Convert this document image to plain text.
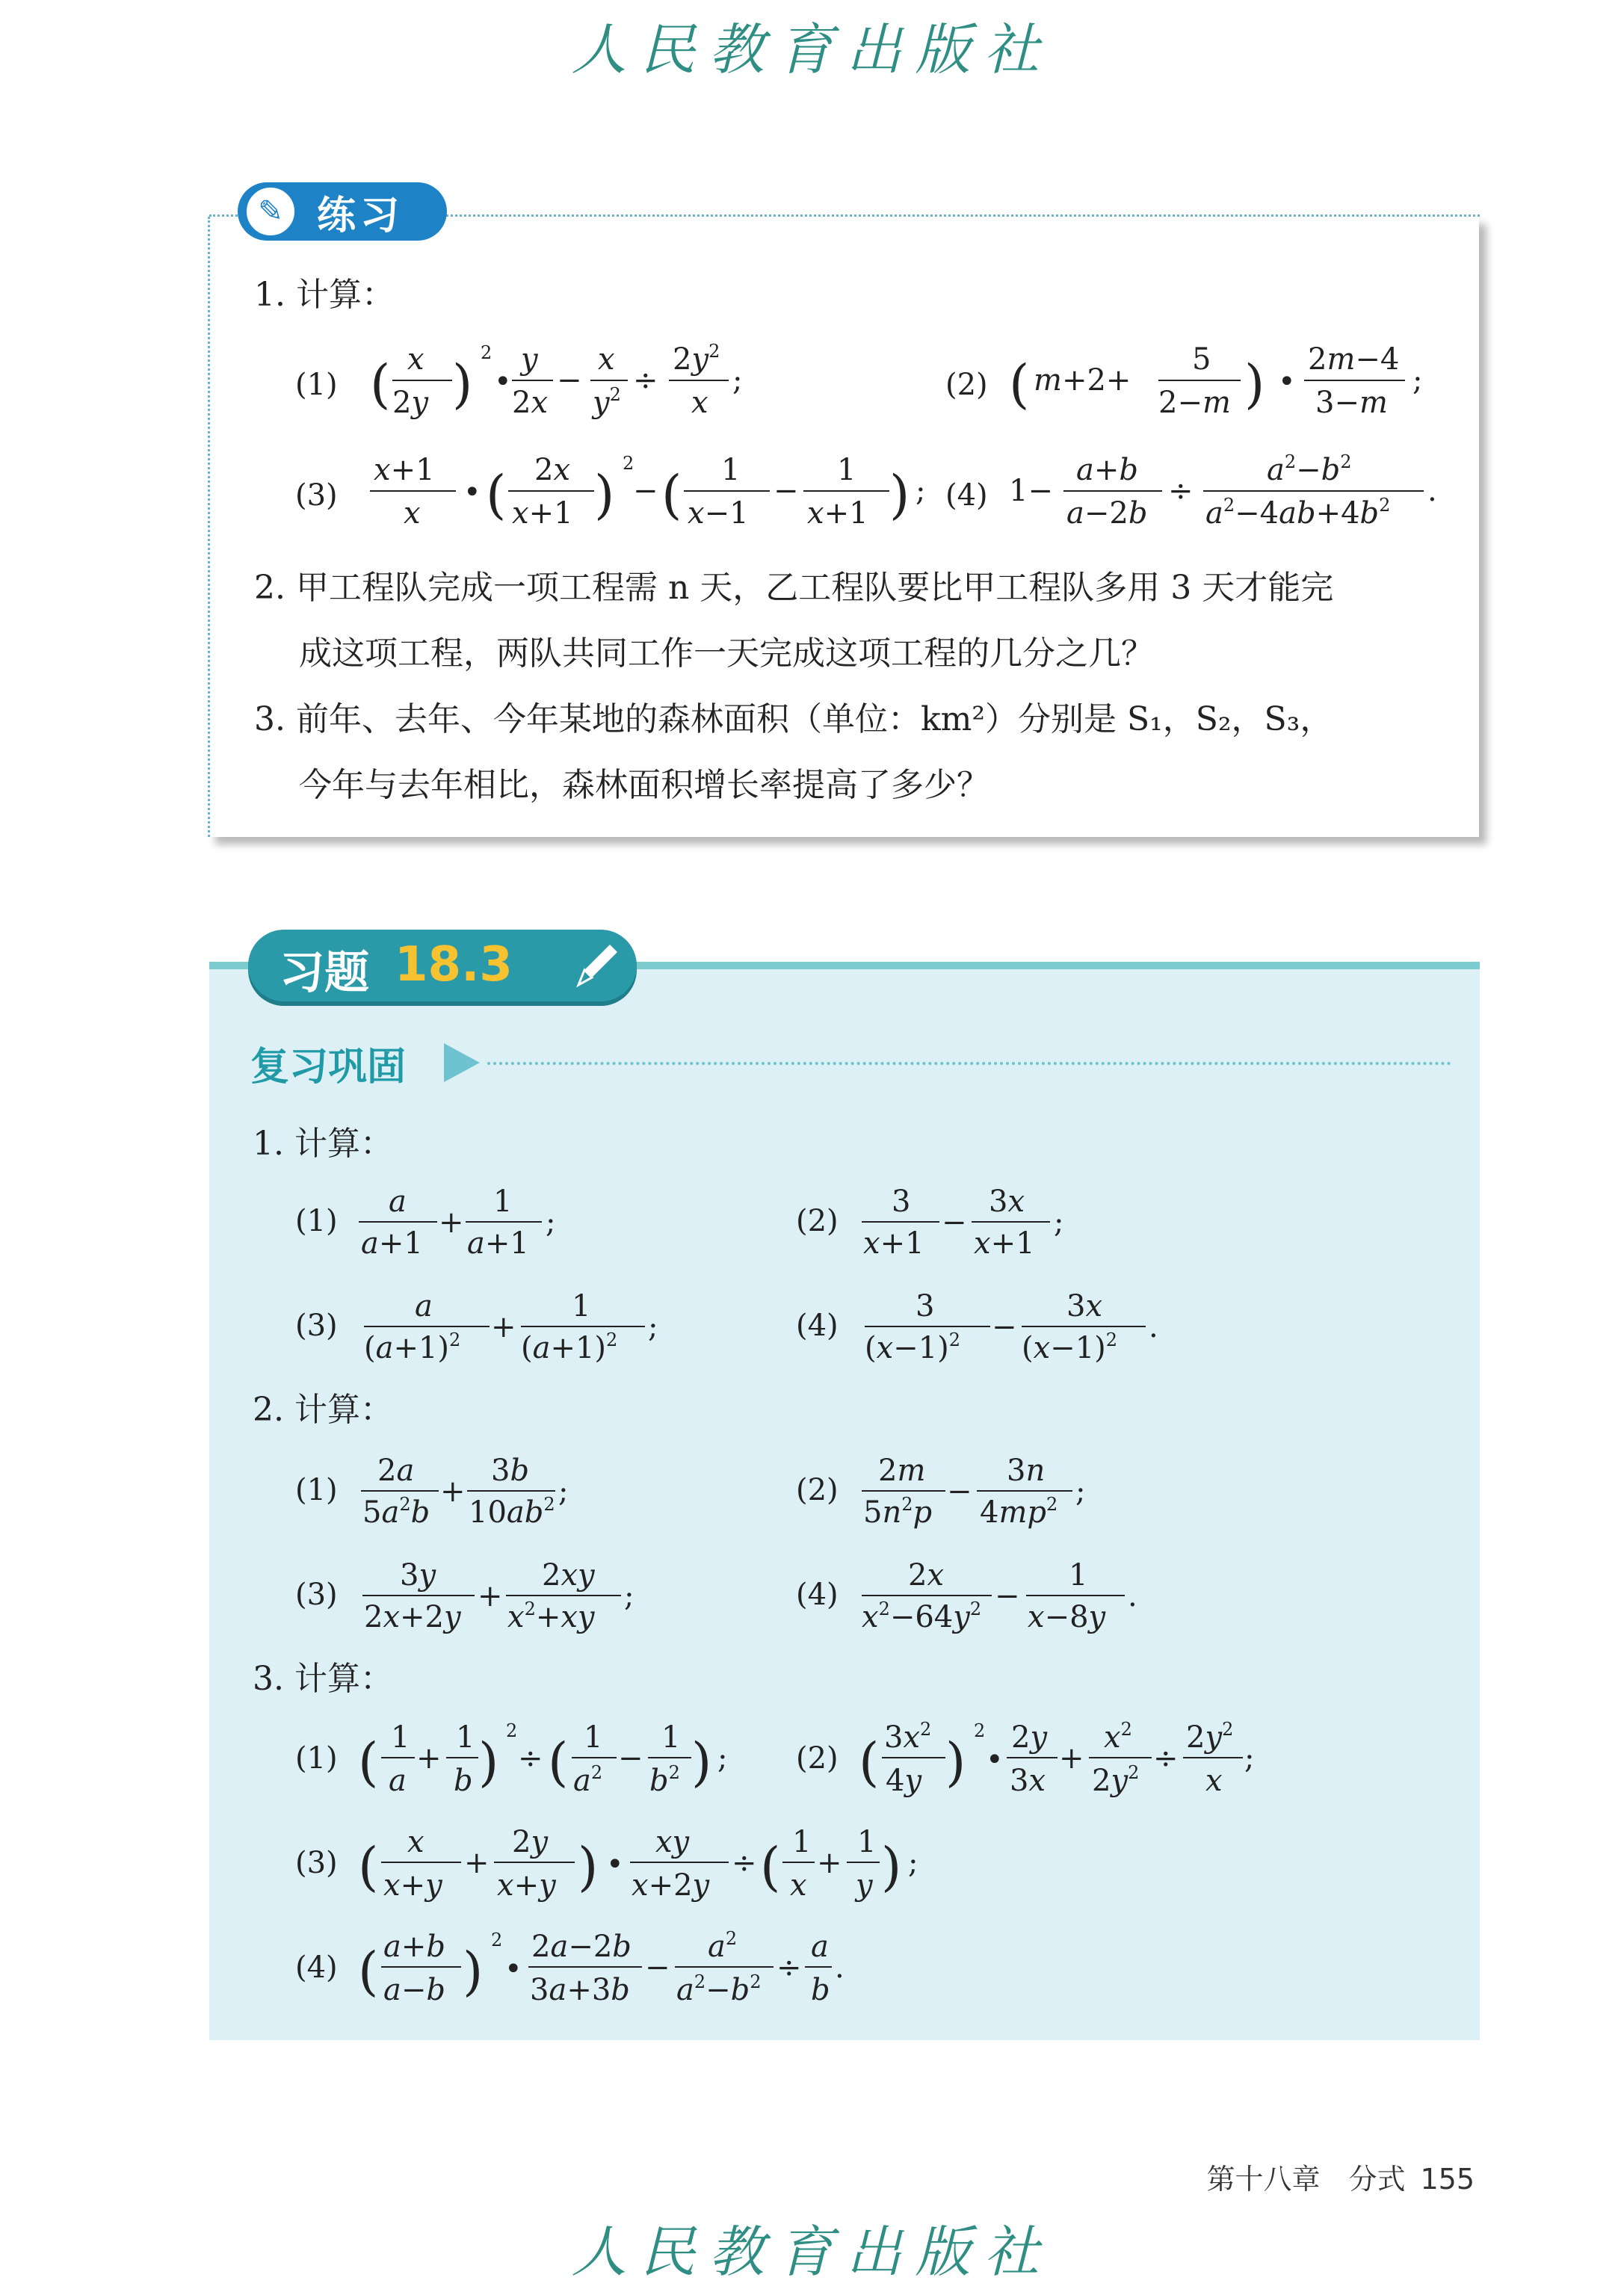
人民教育出版社
✎ 练习
1. 计算：
(1) ( x
2y )
2
•
y
2x
−
x
$y^2$ ÷
$2y^2$
x
;	(2) ( m+2+
5
2−m ) •
2m−4
3−m
;
(3)
x+1
x
• ( 2x
x+1 )
2
− ( 1
x−1
−
1
x+1 ) ; (4) 1−
a+b
a−2b
÷
$a^2-b^2$
$a^2-4ab+4b^2$ .
2. 甲工程队完成一项工程需 n 天，乙工程队要比甲工程队多用 3 天才能完
成这项工程，两队共同工作一天完成这项工程的几分之几？
3. 前年、去年、今年某地的森林面积（单位：km²）分别是 S₁，S₂，S₃，
今年与去年相比，森林面积增长率提高了多少？
习题 18.3
复习巩固
1. 计算：
(1)
a
a+1
+
1
a+1
;	(2)
3
x+1
−
3x
x+1
;
(3)
a
$(a+1)^2$ +
1
$(a+1)^2$ ;	(4)
3
$(x-1)^2$ −
3x
$(x-1)^2$ .
2. 计算：
(1)
2a
$5a^2b$
+
3b
$10ab^2$ ;	(2)
2m
$5n^2p$
−
3n
$4mp^2$ ;
(3)
3y
2x+2y
+
2xy
$x^2+xy$
;	(4)
2x
$x^2-64y^2$ −
1
x−8y
.
3. 计算：
(1) ( 1
a
+
1
b )
2
÷ ( 1
$a^2$ −
1
$b^2$ ) ; (2) ( $3x^2$
4y )
2
•
2y
3x
+
$x^2$
$2y^2$ ÷
$2y^2$
x
;
(3) ( x
x+y
+
2y
x+y ) •
xy
x+2y
÷ ( 1
x
+
1
y ) ;
(4) ( a+b
a−b )
2
•
2a−2b
3a+3b
−
$a^2$
$a^2-b^2$ ÷
a
b
.
第十八章　分式 155
人民教育出版社
